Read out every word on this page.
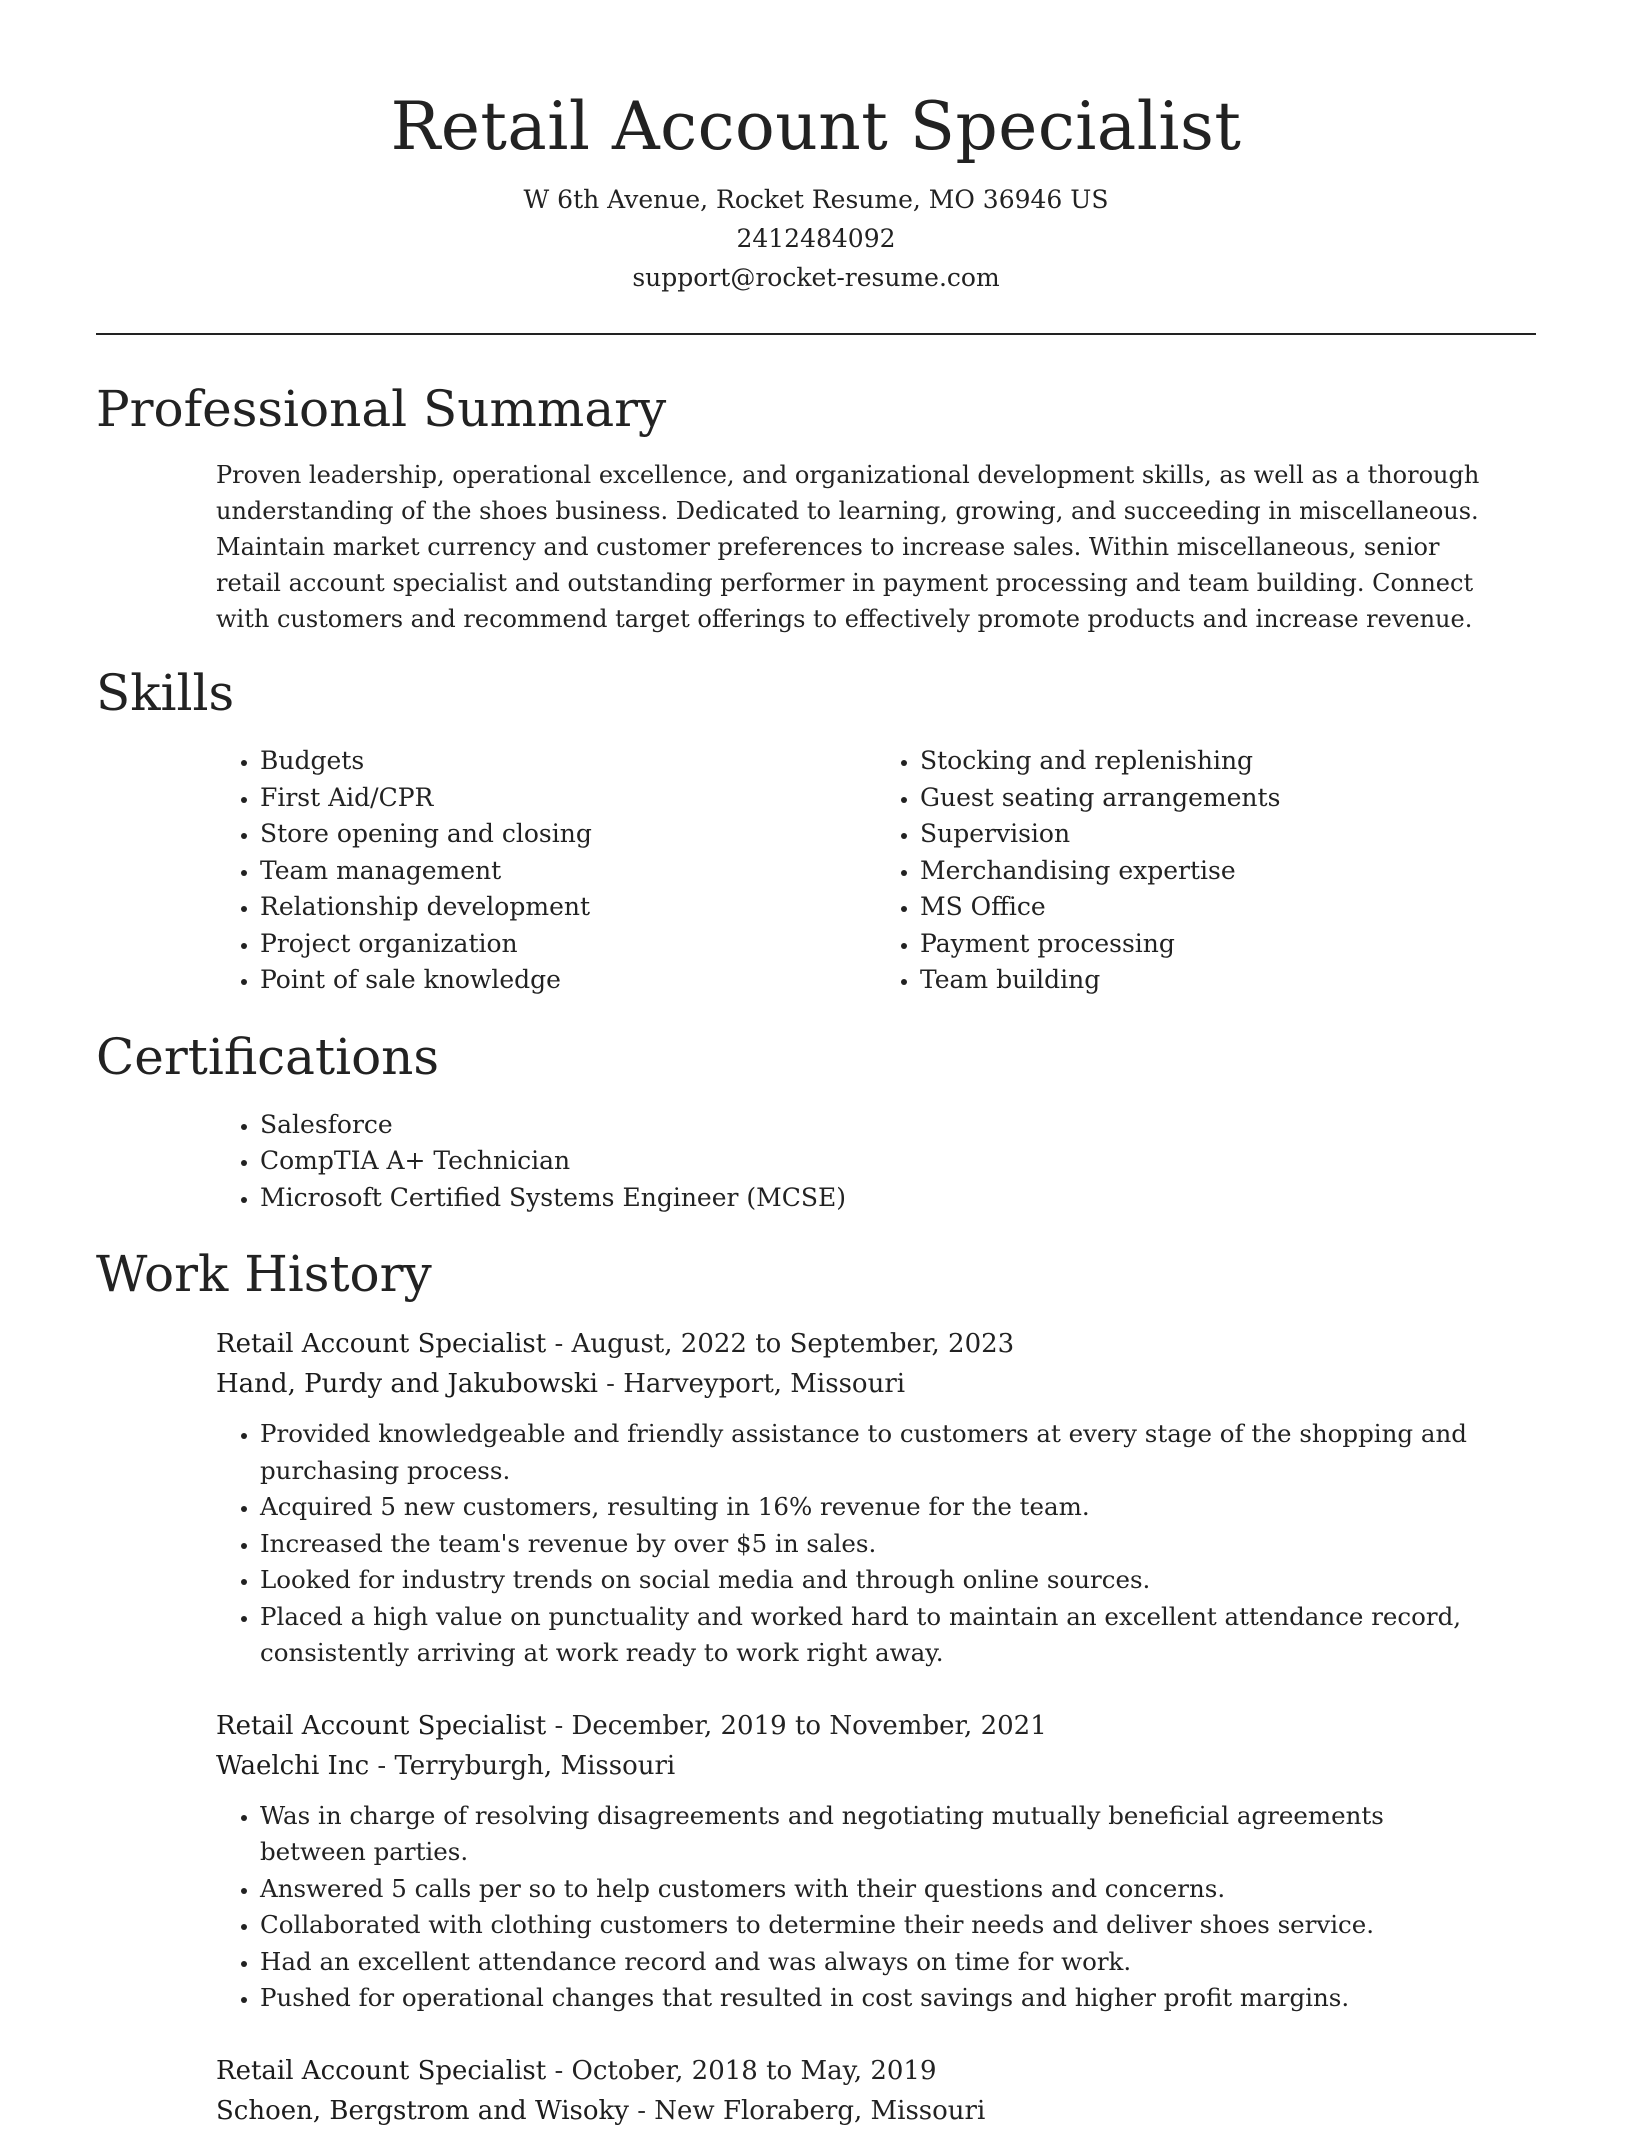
Retail Account Specialist
W 6th Avenue, Rocket Resume, MO 36946 US
2412484092
support@rocket-resume.com
Professional Summary

Proven leadership, operational excellence, and organizational development skills, as well as a thorough understanding of the shoes business. Dedicated to learning, growing, and succeeding in miscellaneous. Maintain market currency and customer preferences to increase sales. Within miscellaneous, senior retail account specialist and outstanding performer in payment processing and team building. Connect with customers and recommend target offerings to effectively promote products and increase revenue.

Skills
• Budgets
• First Aid/CPR
• Store opening and closing
• Team management
• Relationship development
• Project organization
• Point of sale knowledge
• Stocking and replenishing
• Guest seating arrangements
• Supervision
• Merchandising expertise
• MS Office
• Payment processing
• Team building
Certifications
• Salesforce
• CompTIA A+ Technician
• Microsoft Certified Systems Engineer (MCSE)
Work History
Retail Account Specialist - August, 2022 to September, 2023
Hand, Purdy and Jakubowski - Harveyport, Missouri
• Provided knowledgeable and friendly assistance to customers at every stage of the shopping and purchasing process.
• Acquired 5 new customers, resulting in 16% revenue for the team.
• Increased the team's revenue by over $5 in sales.
• Looked for industry trends on social media and through online sources.
• Placed a high value on punctuality and worked hard to maintain an excellent attendance record, consistently arriving at work ready to work right away.
Retail Account Specialist - December, 2019 to November, 2021
Waelchi Inc - Terryburgh, Missouri
• Was in charge of resolving disagreements and negotiating mutually beneficial agreements between parties.
• Answered 5 calls per so to help customers with their questions and concerns.
• Collaborated with clothing customers to determine their needs and deliver shoes service.
• Had an excellent attendance record and was always on time for work.
• Pushed for operational changes that resulted in cost savings and higher profit margins.
Retail Account Specialist - October, 2018 to May, 2019
Schoen, Bergstrom and Wisoky - New Floraberg, Missouri
